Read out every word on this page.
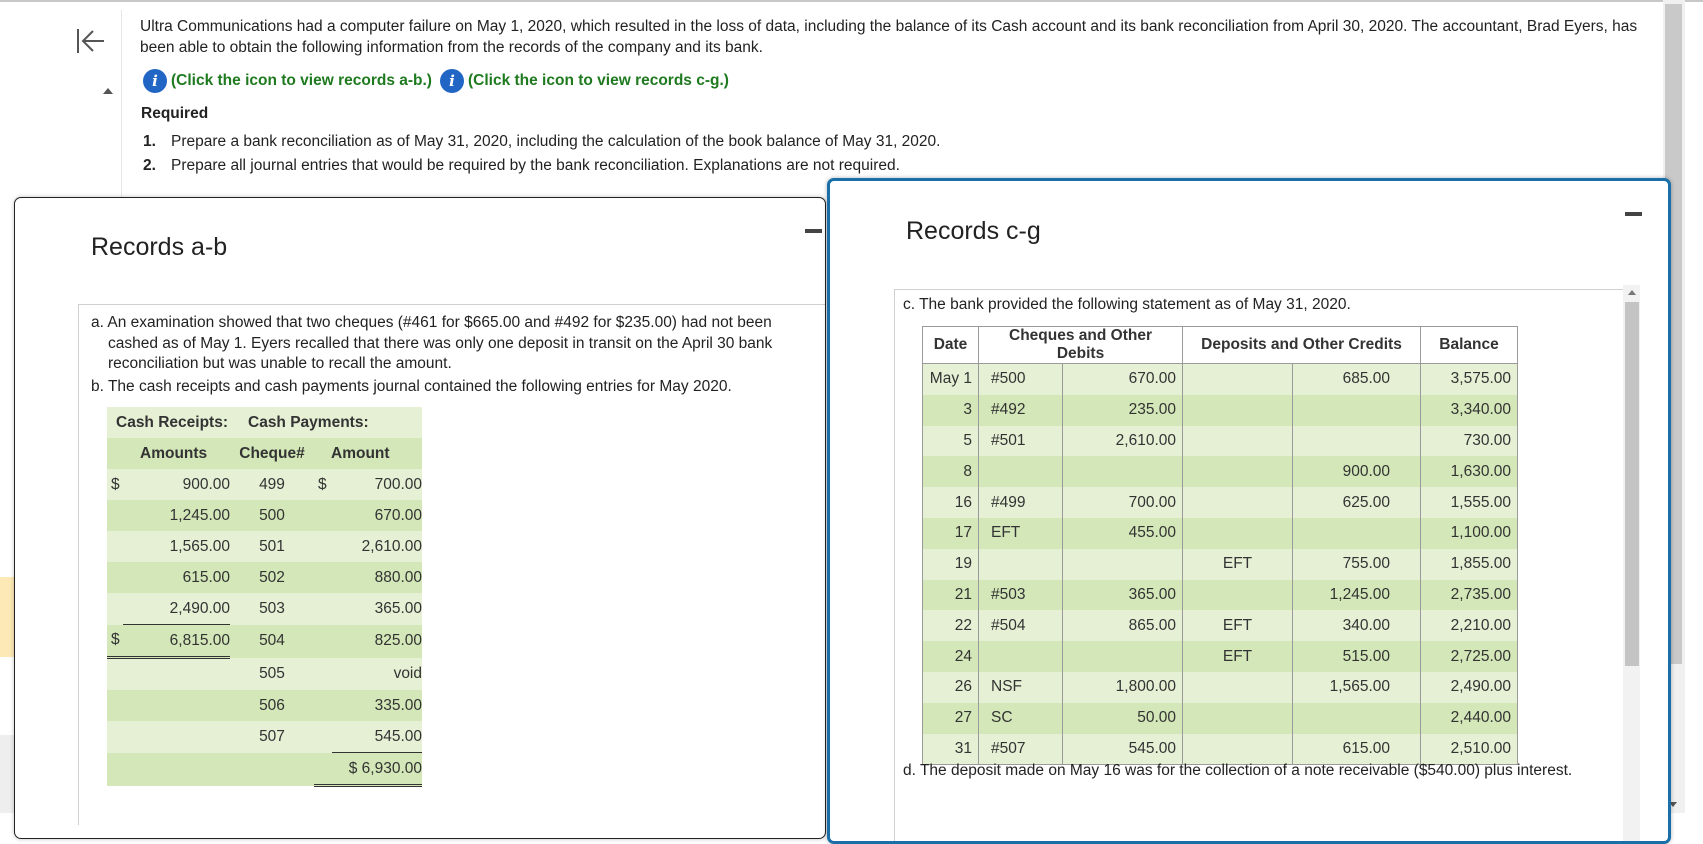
Ultra Communications had a computer failure on May 1, 2020, which resulted in the loss of data, including the balance of its Cash account and its bank reconciliation from April 30, 2020. The accountant, Brad Eyers, has been able to obtain the following information from the records of the company and its bank.
i (Click the icon to view records a-b.)	i (Click the icon to view records c-g.)
Required
1. Prepare a bank reconciliation as of May 31, 2020, including the calculation of the book balance of May 31, 2020.
2. Prepare all journal entries that would be required by the bank reconciliation. Explanations are not required.
Records a-b
a. An examination showed that two cheques (#461 for $665.00 and #492 for $235.00) had not been cashed as of May 1. Eyers recalled that there was only one deposit in transit on the April 30 bank reconciliation but was unable to recall the amount.
b. The cash receipts and cash payments journal contained the following entries for May 2020.
Cash Receipts:		Cash Payments:		
Amounts		Cheque#	Amount	
$	900.00	499	$	700.00
	1,245.00	500		670.00
	1,565.00	501		2,610.00
	615.00	502		880.00
	2,490.00	503		365.00
$	6,815.00	504		825.00
		505		void
		506		335.00
		507		545.00
			$ 6,930.00	
Records c-g
c. The bank provided the following statement as of May 31, 2020.
Date	Cheques and Other Debits		Deposits and Other Credits		Balance
May 1	#500	670.00		685.00	3,575.00
3	#492	235.00			3,340.00
5	#501	2,610.00			730.00
8				900.00	1,630.00
16	#499	700.00		625.00	1,555.00
17	EFT	455.00			1,100.00
19			EFT	755.00	1,855.00
21	#503	365.00		1,245.00	2,735.00
22	#504	865.00	EFT	340.00	2,210.00
24			EFT	515.00	2,725.00
26	NSF	1,800.00		1,565.00	2,490.00
27	SC	50.00			2,440.00
31	#507	545.00		615.00	2,510.00
d. The deposit made on May 16 was for the collection of a note receivable ($540.00) plus interest.
